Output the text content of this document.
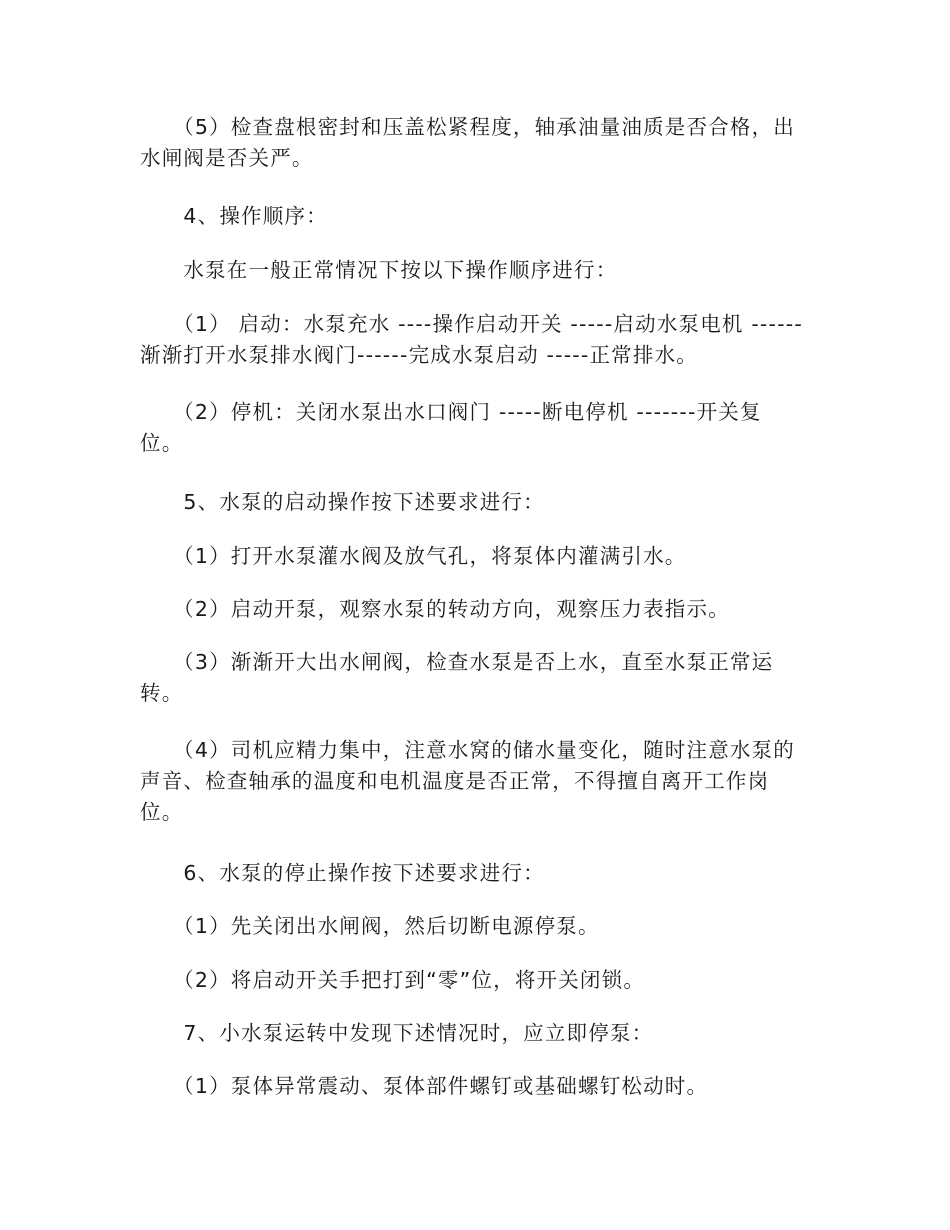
　　（5）检查盘根密封和压盖松紧程度，轴承油量油质是否合格，出水闸阀是否关严。
　　4、操作顺序：
　　水泵在一般正常情况下按以下操作顺序进行：
　　（1） 启动：水泵充水 ----操作启动开关 -----启动水泵电机 ------渐渐打开水泵排水阀门------完成水泵启动 -----正常排水。
　　（2）停机：关闭水泵出水口阀门 -----断电停机 -------开关复位。
　　5、水泵的启动操作按下述要求进行：
　　（1）打开水泵灌水阀及放气孔，将泵体内灌满引水。
　　（2）启动开泵，观察水泵的转动方向，观察压力表指示。
　　（3）渐渐开大出水闸阀，检查水泵是否上水，直至水泵正常运转。
　　（4）司机应精力集中，注意水窝的储水量变化，随时注意水泵的声音、检查轴承的温度和电机温度是否正常，不得擅自离开工作岗位。
　　6、水泵的停止操作按下述要求进行：
　　（1）先关闭出水闸阀，然后切断电源停泵。
　　（2）将启动开关手把打到“零”位，将开关闭锁。
　　7、小水泵运转中发现下述情况时，应立即停泵：
　　（1）泵体异常震动、泵体部件螺钉或基础螺钉松动时。
